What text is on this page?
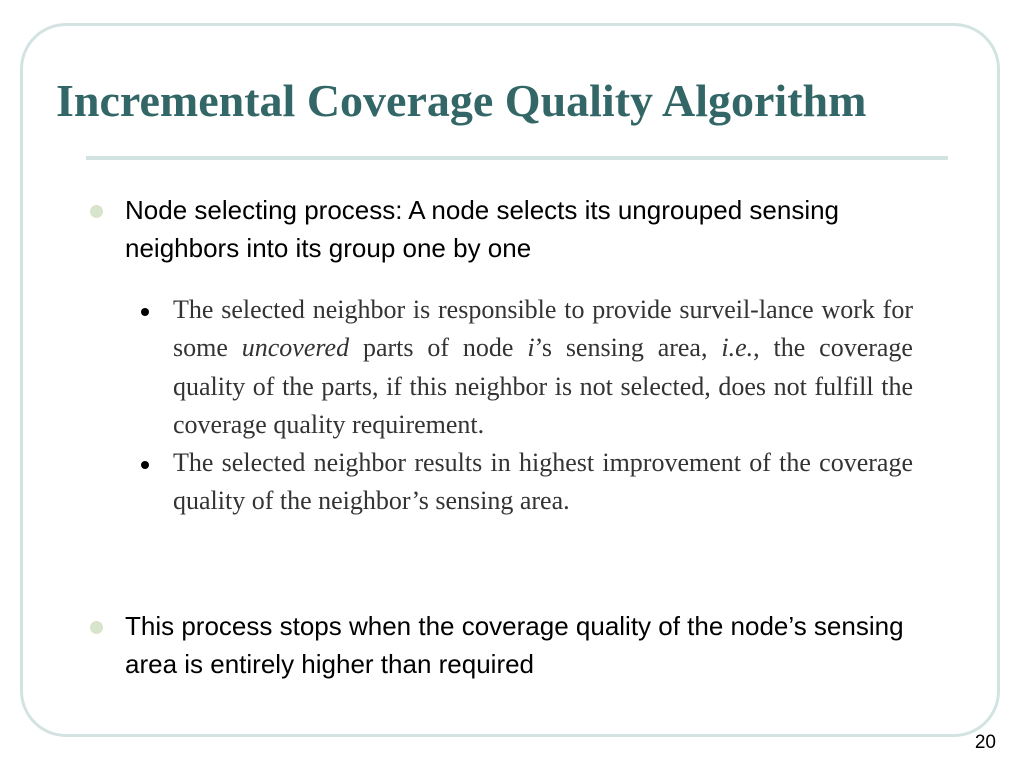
Incremental Coverage Quality Algorithm

Node selecting process: A node selects its ungrouped sensing neighbors into its group one by one

The selected neighbor is responsible to provide surveil-lance work for some uncovered parts of node i’s sensing area, i.e., the coverage quality of the parts, if this neighbor is not selected, does not fulfill the coverage quality requirement.
The selected neighbor results in highest improvement of the coverage quality of the neighbor’s sensing area.

This process stops when the coverage quality of the node’s sensing area is entirely higher than required

20
